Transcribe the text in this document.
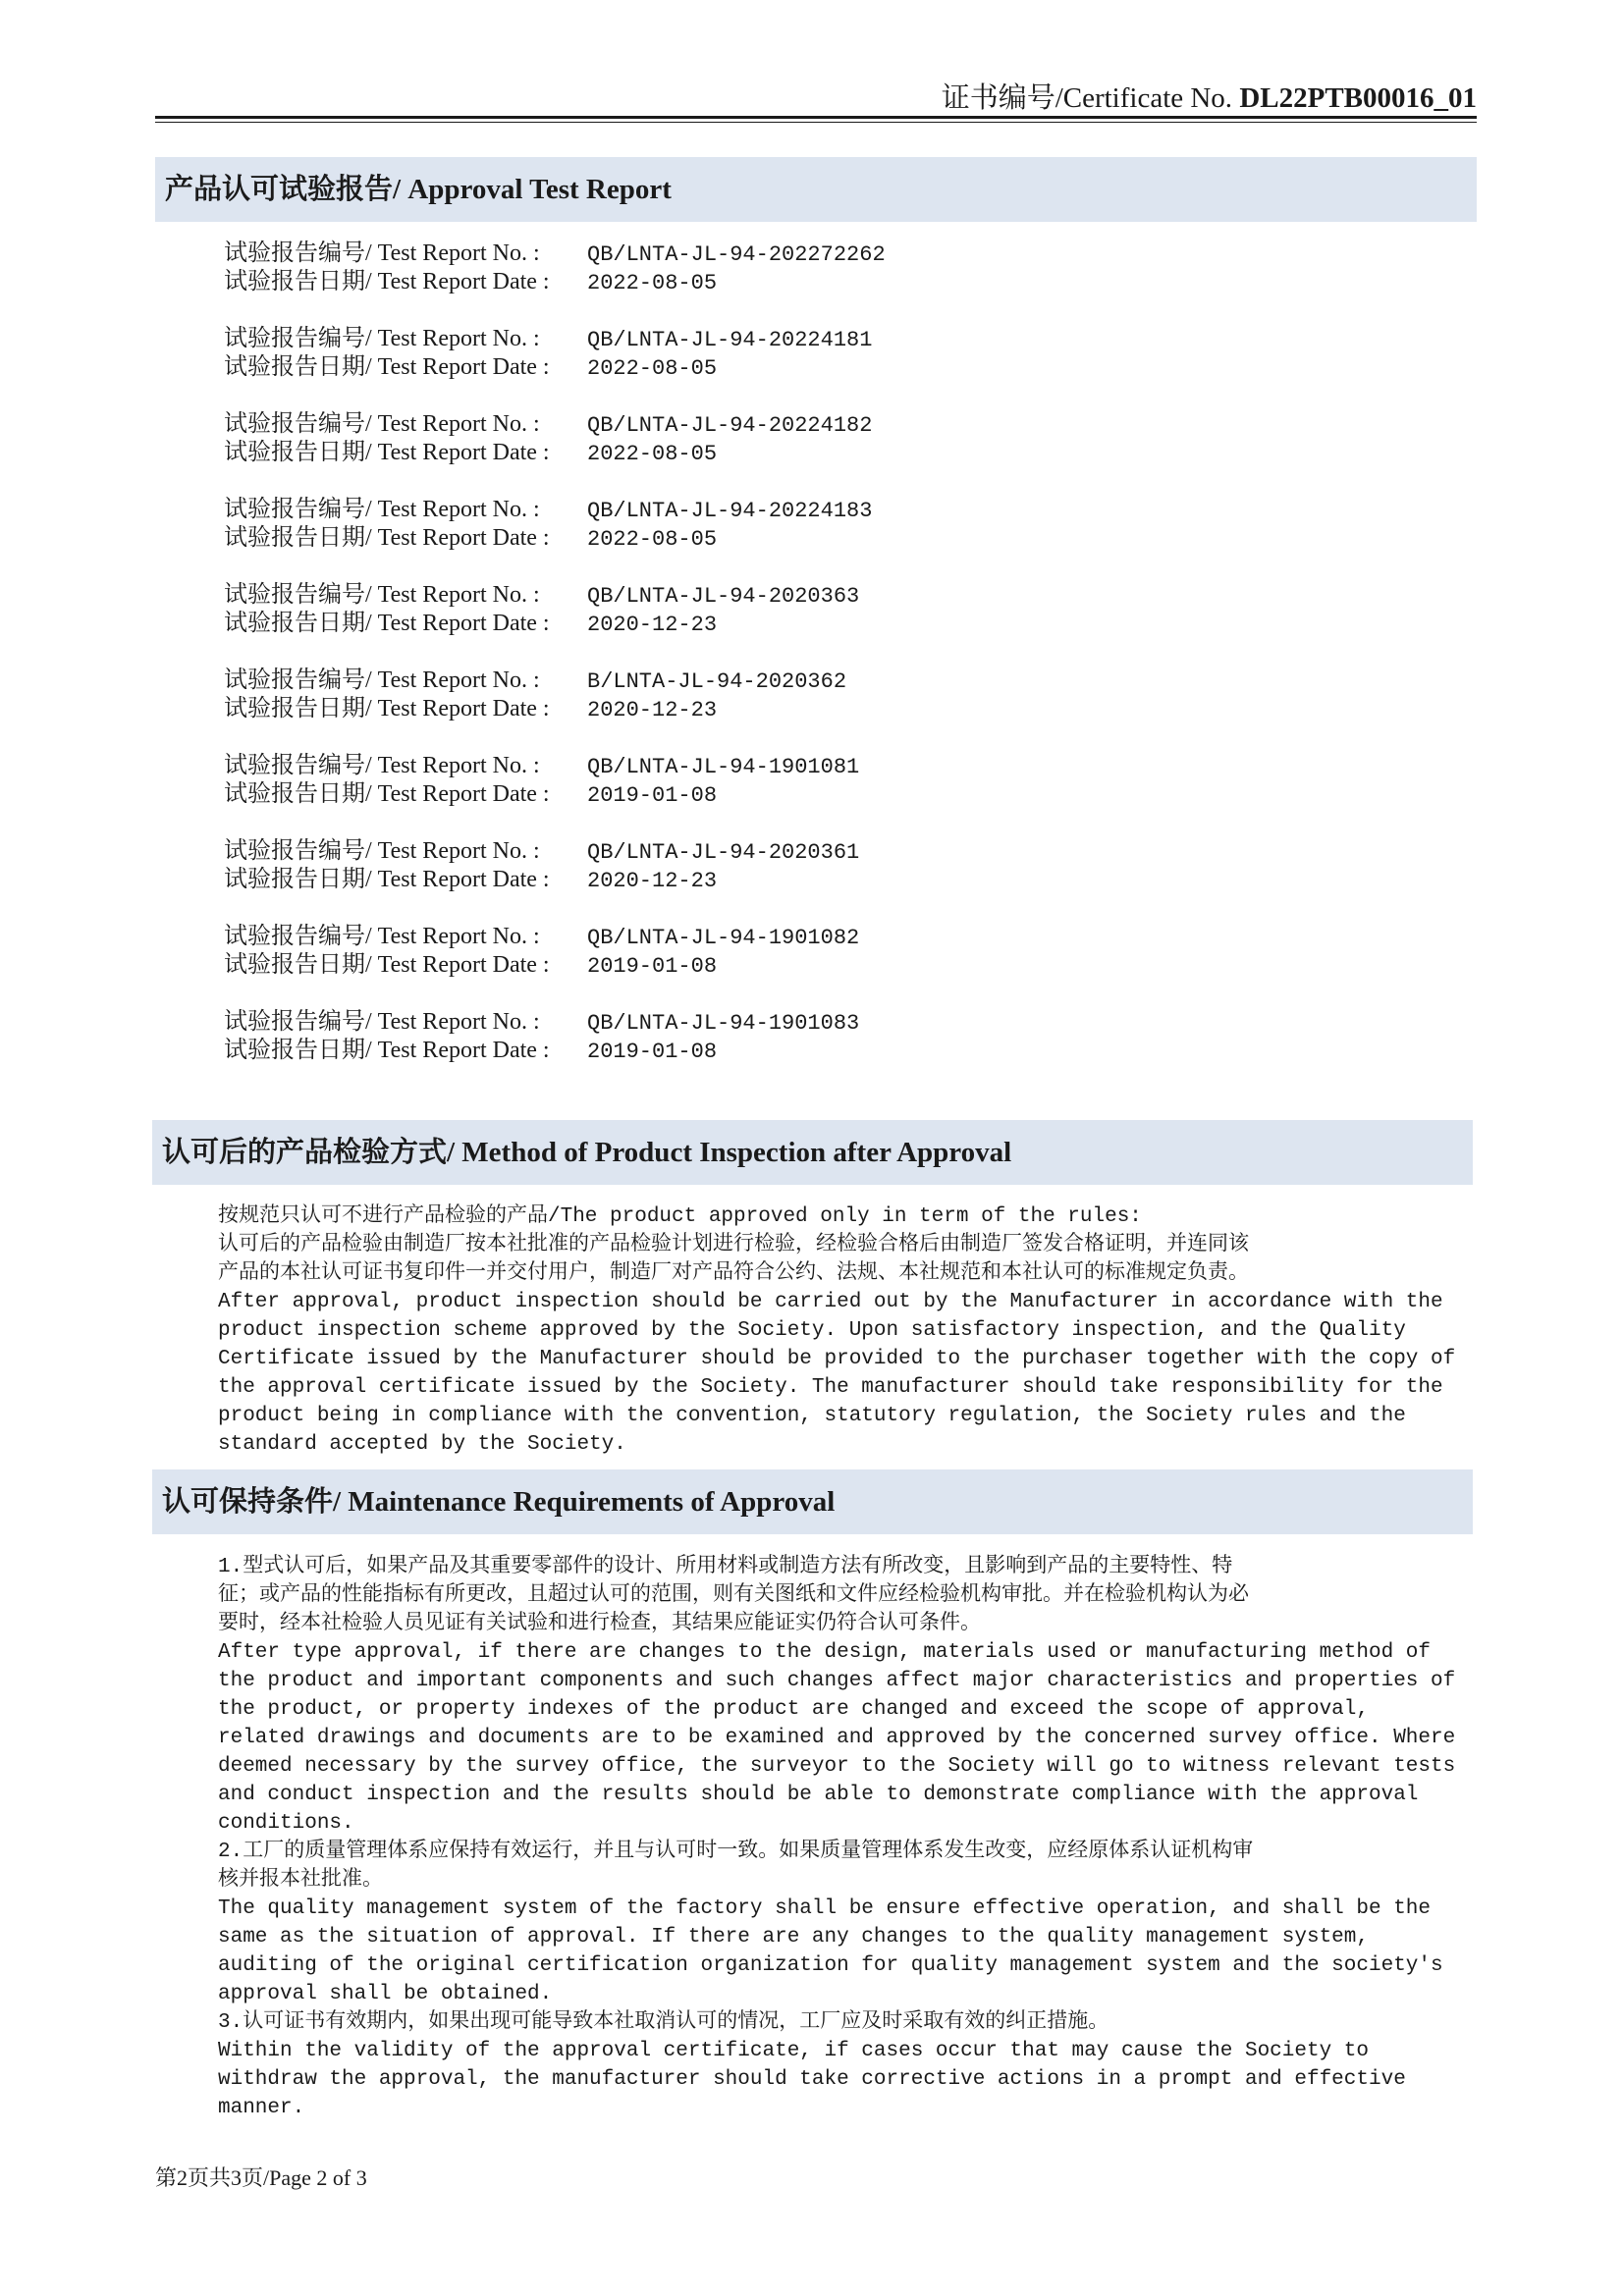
证书编号/Certificate No. DL22PTB00016_01
产品认可试验报告/ Approval Test Report
试验报告编号/ Test Report No. : QB/LNTA-JL-94-202272262
试验报告日期/ Test Report Date : 2022-08-05
试验报告编号/ Test Report No. : QB/LNTA-JL-94-20224181
试验报告日期/ Test Report Date : 2022-08-05
试验报告编号/ Test Report No. : QB/LNTA-JL-94-20224182
试验报告日期/ Test Report Date : 2022-08-05
试验报告编号/ Test Report No. : QB/LNTA-JL-94-20224183
试验报告日期/ Test Report Date : 2022-08-05
试验报告编号/ Test Report No. : QB/LNTA-JL-94-2020363
试验报告日期/ Test Report Date : 2020-12-23
试验报告编号/ Test Report No. : B/LNTA-JL-94-2020362
试验报告日期/ Test Report Date : 2020-12-23
试验报告编号/ Test Report No. : QB/LNTA-JL-94-1901081
试验报告日期/ Test Report Date : 2019-01-08
试验报告编号/ Test Report No. : QB/LNTA-JL-94-2020361
试验报告日期/ Test Report Date : 2020-12-23
试验报告编号/ Test Report No. : QB/LNTA-JL-94-1901082
试验报告日期/ Test Report Date : 2019-01-08
试验报告编号/ Test Report No. : QB/LNTA-JL-94-1901083
试验报告日期/ Test Report Date : 2019-01-08
认可后的产品检验方式/ Method of Product Inspection after Approval
按规范只认可不进行产品检验的产品/The product approved only in term of the rules:
认可后的产品检验由制造厂按本社批准的产品检验计划进行检验，经检验合格后由制造厂签发合格证明，并连同该
产品的本社认可证书复印件一并交付用户，制造厂对产品符合公约、法规、本社规范和本社认可的标准规定负责。
After approval, product inspection should be carried out by the Manufacturer in accordance with the
product inspection scheme approved by the Society. Upon satisfactory inspection, and the Quality
Certificate issued by the Manufacturer should be provided to the purchaser together with the copy of
the approval certificate issued by the Society. The manufacturer should take responsibility for the
product being in compliance with the convention, statutory regulation, the Society rules and the
standard accepted by the Society.
认可保持条件/ Maintenance Requirements of Approval
1.型式认可后，如果产品及其重要零部件的设计、所用材料或制造方法有所改变，且影响到产品的主要特性、特
征；或产品的性能指标有所更改，且超过认可的范围，则有关图纸和文件应经检验机构审批。并在检验机构认为必
要时，经本社检验人员见证有关试验和进行检查，其结果应能证实仍符合认可条件。
After type approval, if there are changes to the design, materials used or manufacturing method of
the product and important components and such changes affect major characteristics and properties of
the product, or property indexes of the product are changed and exceed the scope of approval,
related drawings and documents are to be examined and approved by the concerned survey office. Where
deemed necessary by the survey office, the surveyor to the Society will go to witness relevant tests
and conduct inspection and the results should be able to demonstrate compliance with the approval
conditions.
2.工厂的质量管理体系应保持有效运行，并且与认可时一致。如果质量管理体系发生改变，应经原体系认证机构审
核并报本社批准。
The quality management system of the factory shall be ensure effective operation, and shall be the
same as the situation of approval. If there are any changes to the quality management system,
auditing of the original certification organization for quality management system and the society's
approval shall be obtained.
3.认可证书有效期内，如果出现可能导致本社取消认可的情况，工厂应及时采取有效的纠正措施。
Within the validity of the approval certificate, if cases occur that may cause the Society to
withdraw the approval, the manufacturer should take corrective actions in a prompt and effective
manner.
第2页共3页/Page 2 of 3
